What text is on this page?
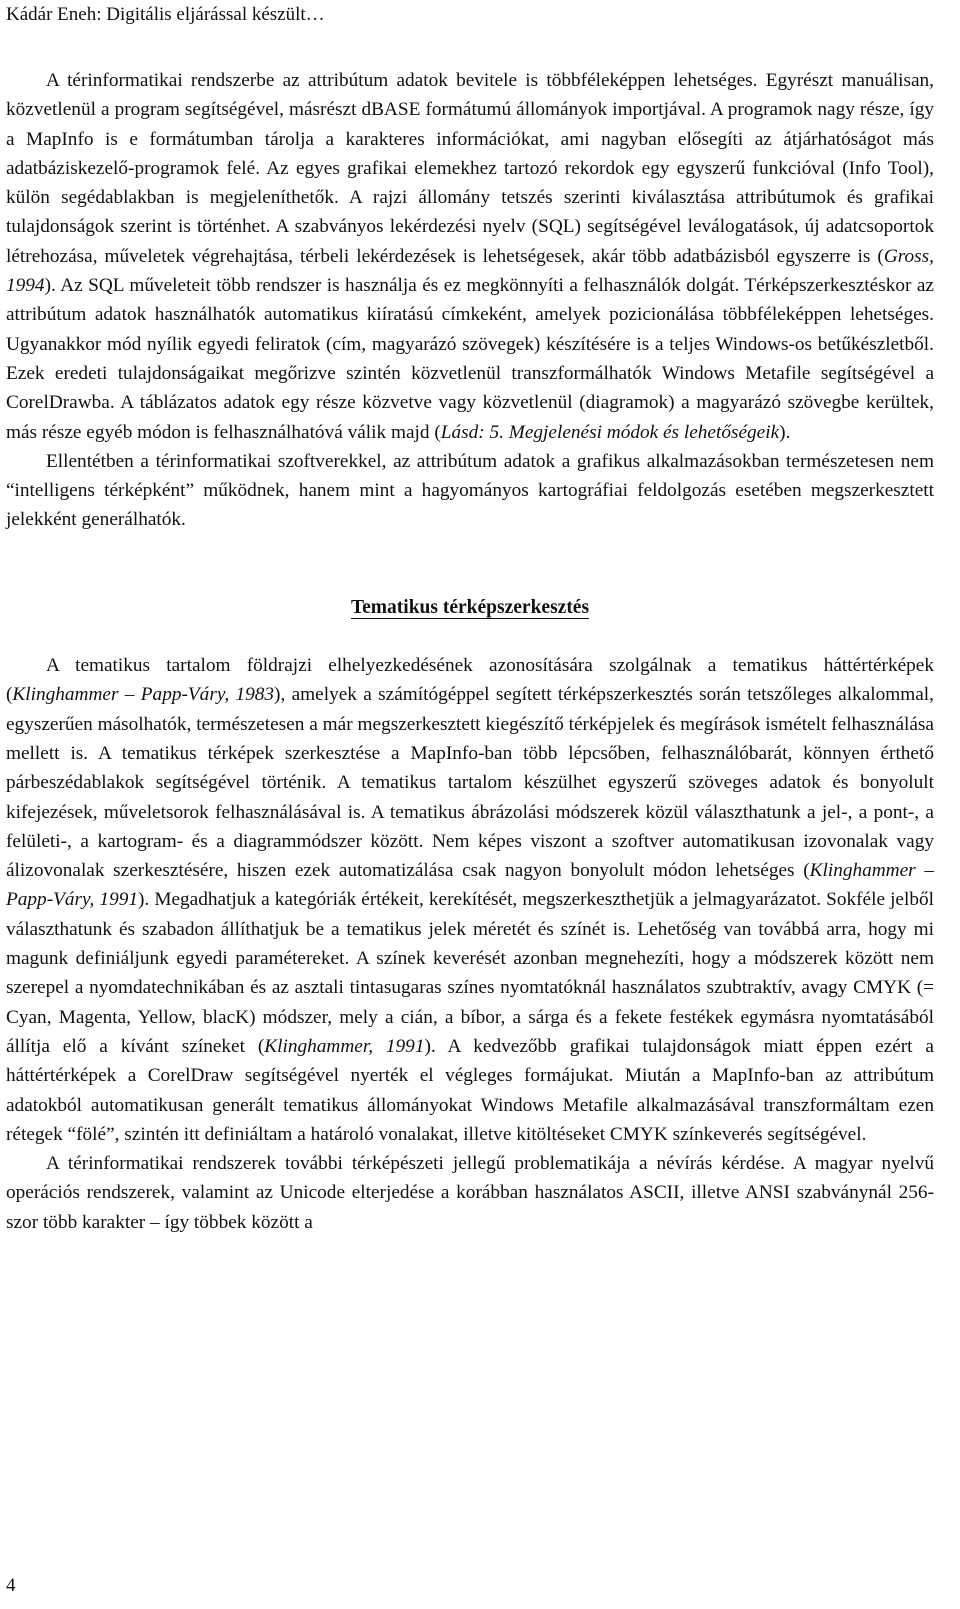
Kádár Eneh: Digitális eljárással készült…

A térinformatikai rendszerbe az attribútum adatok bevitele is többféleképpen lehetséges. Egyrészt manuálisan, közvetlenül a program segítségével, másrészt dBASE formátumú állományok importjával. A programok nagy része, így a MapInfo is e formátumban tárolja a karakteres információkat, ami nagyban elősegíti az átjárhatóságot más adatbáziskezelő-programok felé. Az egyes grafikai elemekhez tartozó rekordok egy egyszerű funkcióval (Info Tool), külön segédablakban is megjeleníthetők. A rajzi állomány tetszés szerinti kiválasztása attribútumok és grafikai tulajdonságok szerint is történhet. A szabványos lekérdezési nyelv (SQL) segítségével leválogatások, új adatcsoportok létrehozása, műveletek végrehajtása, térbeli lekérdezések is lehetségesek, akár több adatbázisból egyszerre is (Gross, 1994). Az SQL műveleteit több rendszer is használja és ez megkönnyíti a felhasználók dolgát. Térképszerkesztéskor az attribútum adatok használhatók automatikus kiíratású címkeként, amelyek pozicionálása többféleképpen lehetséges. Ugyanakkor mód nyílik egyedi feliratok (cím, magyarázó szövegek) készítésére is a teljes Windows-os betűkészletből. Ezek eredeti tulajdonságaikat megőrizve szintén közvetlenül transzformálhatók Windows Metafile segítségével a CorelDrawba. A táblázatos adatok egy része közvetve vagy közvetlenül (diagramok) a magyarázó szövegbe kerültek, más része egyéb módon is felhasználhatóvá válik majd (Lásd: 5. Megjelenési módok és lehetőségeik).

Ellentétben a térinformatikai szoftverekkel, az attribútum adatok a grafikus alkalmazásokban természetesen nem “intelligens térképként” működnek, hanem mint a hagyományos kartográfiai feldolgozás esetében megszerkesztett jelekként generálhatók.

Tematikus térképszerkesztés

A tematikus tartalom földrajzi elhelyezkedésének azonosítására szolgálnak a tematikus háttértérképek (Klinghammer – Papp-Váry, 1983), amelyek a számítógéppel segített térképszerkesztés során tetszőleges alkalommal, egyszerűen másolhatók, természetesen a már megszerkesztett kiegészítő térképjelek és megírások ismételt felhasználása mellett is. A tematikus térképek szerkesztése a MapInfo-ban több lépcsőben, felhasználóbarát, könnyen érthető párbeszédablakok segítségével történik. A tematikus tartalom készülhet egyszerű szöveges adatok és bonyolult kifejezések, műveletsorok felhasználásával is. A tematikus ábrázolási módszerek közül választhatunk a jel-, a pont-, a felületi-, a kartogram- és a diagrammódszer között. Nem képes viszont a szoftver automatikusan izovonalak vagy álizovonalak szerkesztésére, hiszen ezek automatizálása csak nagyon bonyolult módon lehetséges (Klinghammer – Papp-Váry, 1991). Megadhatjuk a kategóriák értékeit, kerekítését, megszerkeszthetjük a jelmagyarázatot. Sokféle jelből választhatunk és szabadon állíthatjuk be a tematikus jelek méretét és színét is. Lehetőség van továbbá arra, hogy mi magunk definiáljunk egyedi paramétereket. A színek keverését azonban megnehezíti, hogy a módszerek között nem szerepel a nyomdatechnikában és az asztali tintasugaras színes nyomtatóknál használatos szubtraktív, avagy CMYK (= Cyan, Magenta, Yellow, blacK) módszer, mely a cián, a bíbor, a sárga és a fekete festékek egymásra nyomtatásából állítja elő a kívánt színeket (Klinghammer, 1991). A kedvezőbb grafikai tulajdonságok miatt éppen ezért a háttértérképek a CorelDraw segítségével nyerték el végleges formájukat. Miután a MapInfo-ban az attribútum adatokból automatikusan generált tematikus állományokat Windows Metafile alkalmazásával transzformáltam ezen rétegek “fölé”, szintén itt definiáltam a határoló vonalakat, illetve kitöltéseket CMYK színkeverés segítségével.

A térinformatikai rendszerek további térképészeti jellegű problematikája a névírás kérdése. A magyar nyelvű operációs rendszerek, valamint az Unicode elterjedése a korábban használatos ASCII, illetve ANSI szabványnál 256-szor több karakter – így többek között a

4
